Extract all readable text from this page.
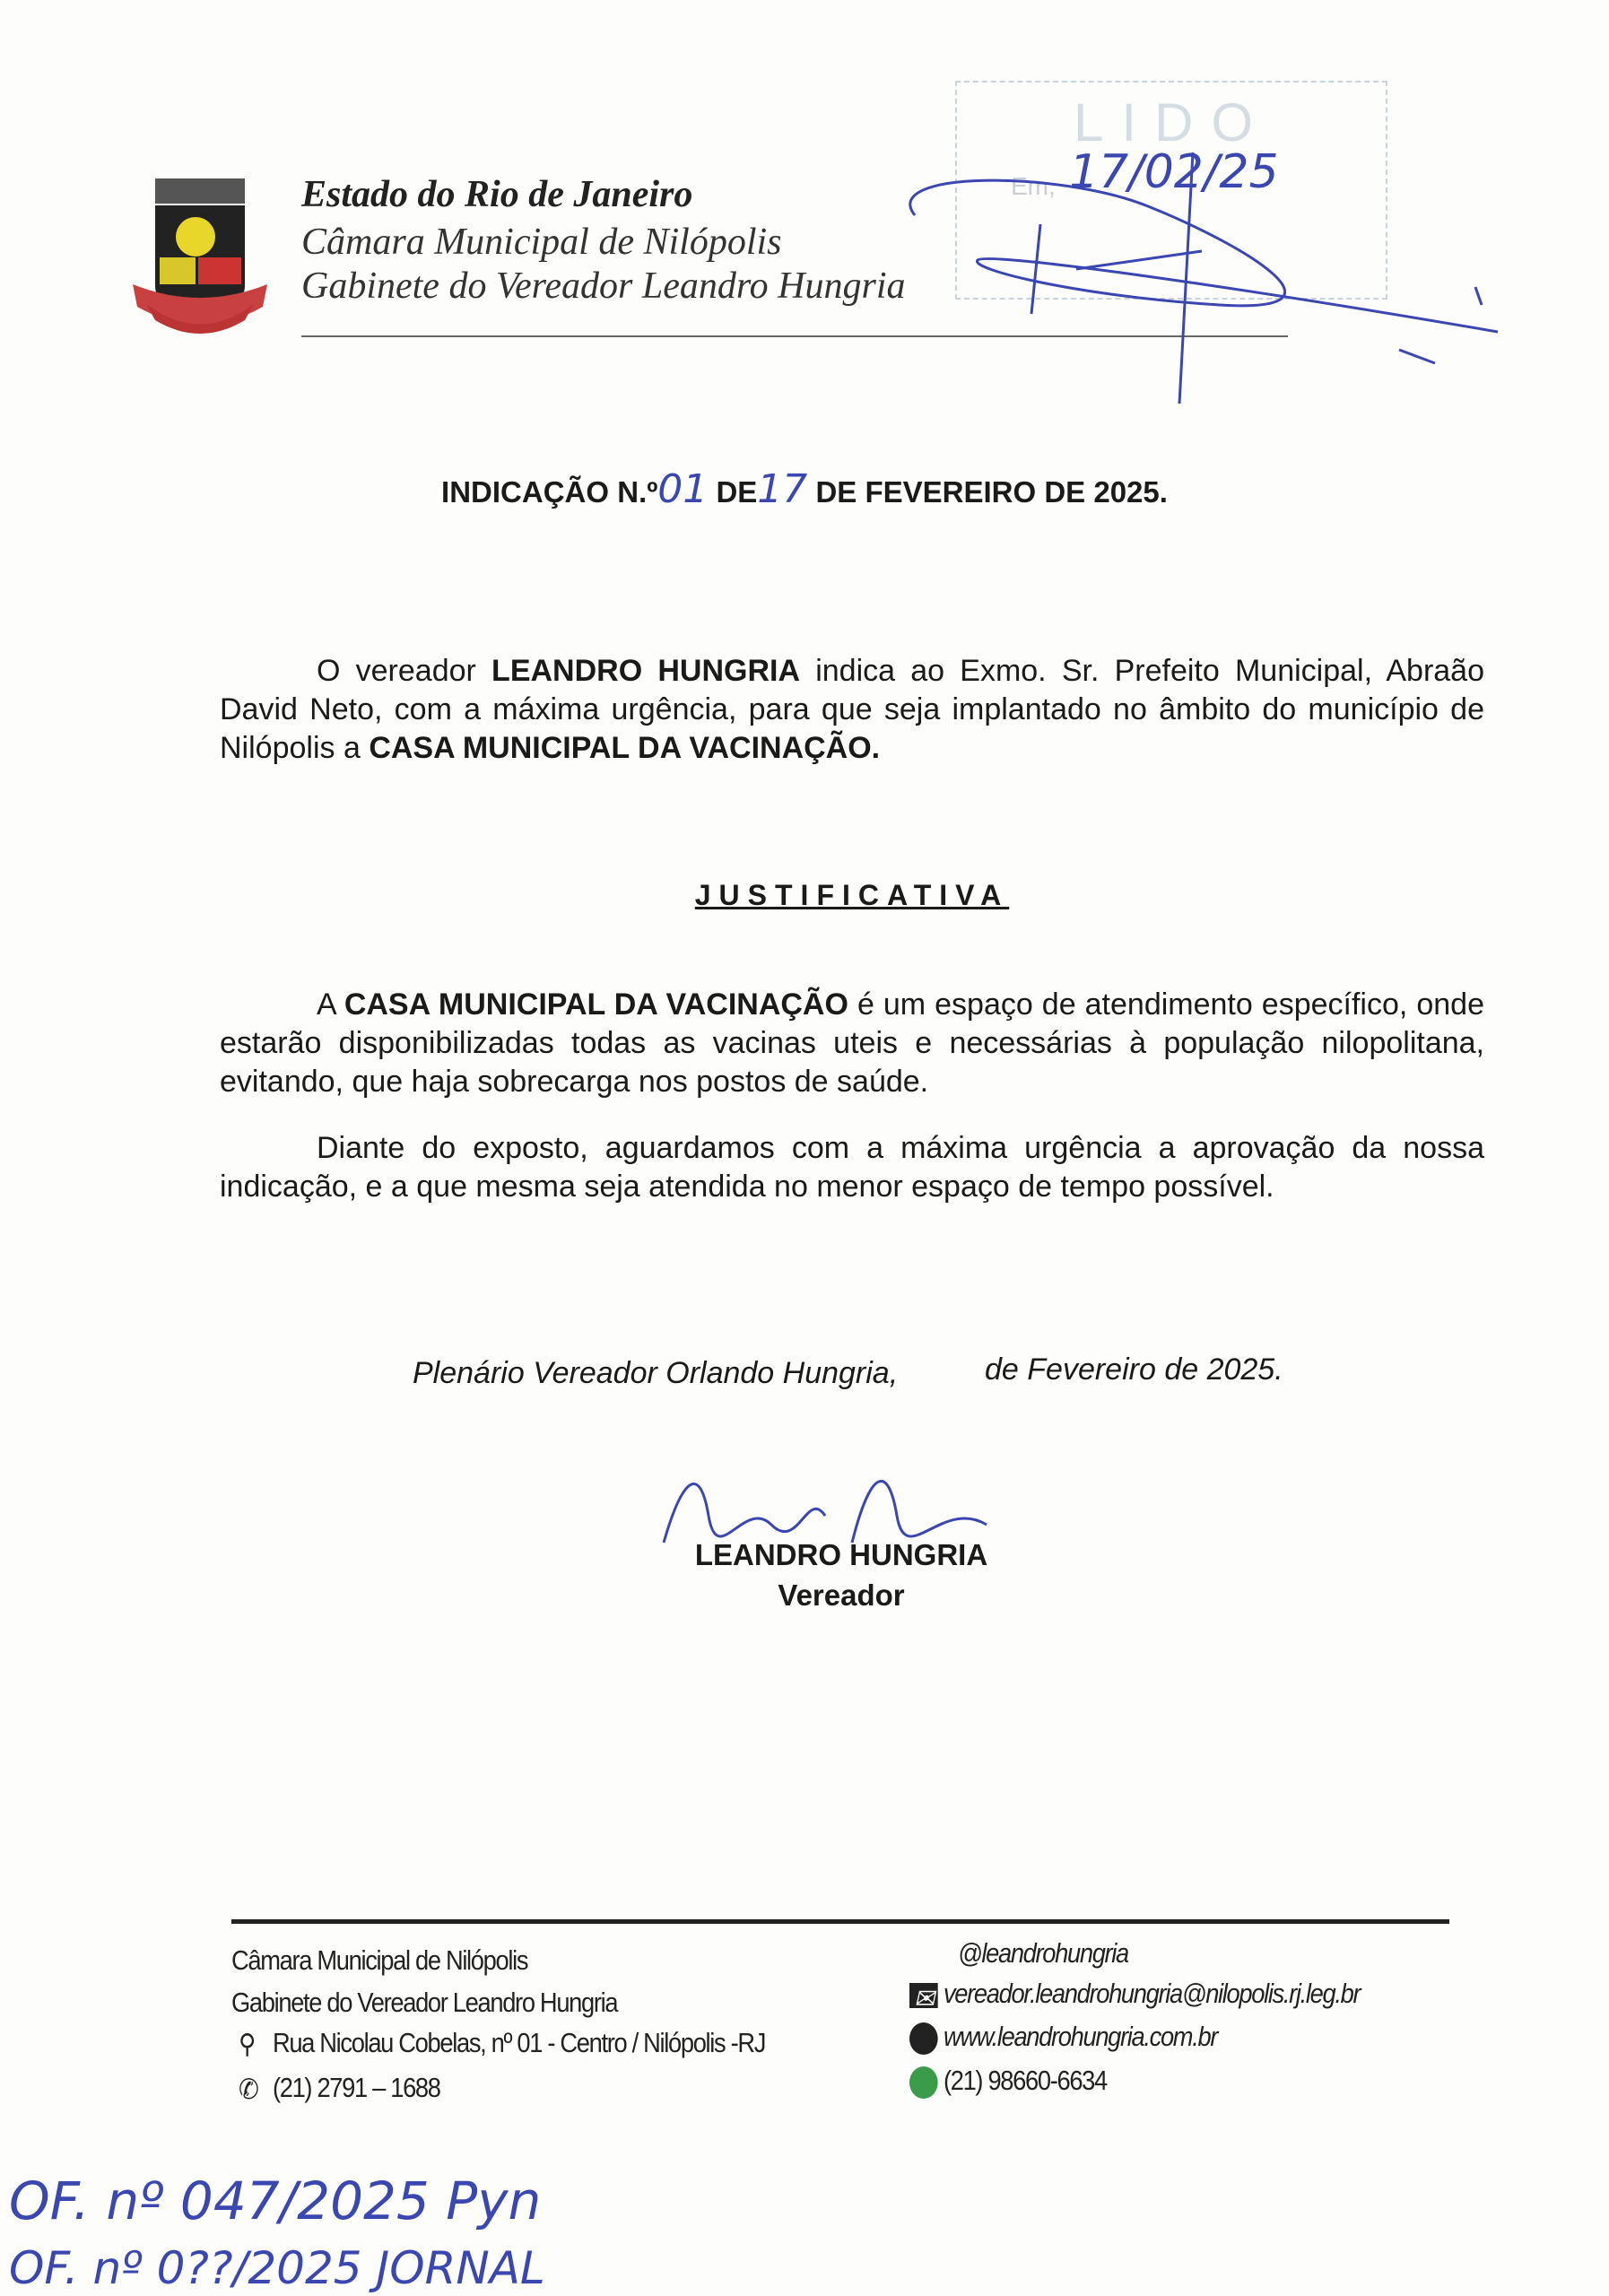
Estado do Rio de Janeiro
Câmara Municipal de Nilópolis
Gabinete do Vereador Leandro Hungria
LIDO
Em, 17/02/25
INDICAÇÃO N.º01 DE17 DE FEVEREIRO DE 2025.

O vereador LEANDRO HUNGRIA indica ao Exmo. Sr. Prefeito Municipal, Abraão David Neto, com a máxima urgência, para que seja implantado no âmbito do município de Nilópolis a CASA MUNICIPAL DA VACINAÇÃO.

JUSTIFICATIVA

A CASA MUNICIPAL DA VACINAÇÃO é um espaço de atendimento específico, onde estarão disponibilizadas todas as vacinas uteis e necessárias à população nilopolitana, evitando, que haja sobrecarga nos postos de saúde.

Diante do exposto, aguardamos com a máxima urgência a aprovação da nossa indicação, e a que mesma seja atendida no menor espaço de tempo possível.

Plenário Vereador Orlando Hungria,	de Fevereiro de 2025.
LEANDRO HUNGRIA
Vereador
Câmara Municipal de Nilópolis
Gabinete do Vereador Leandro Hungria
⚲ Rua Nicolau Cobelas, nº 01 - Centro / Nilópolis -RJ
✆ (21) 2791 – 1688
@leandrohungria
✉ vereador.leandrohungria@nilopolis.rj.leg.br
www.leandrohungria.com.br
(21) 98660-6634
OF. nº 047/2025 Pyn
OF. nº 0??/2025 JORNAL
